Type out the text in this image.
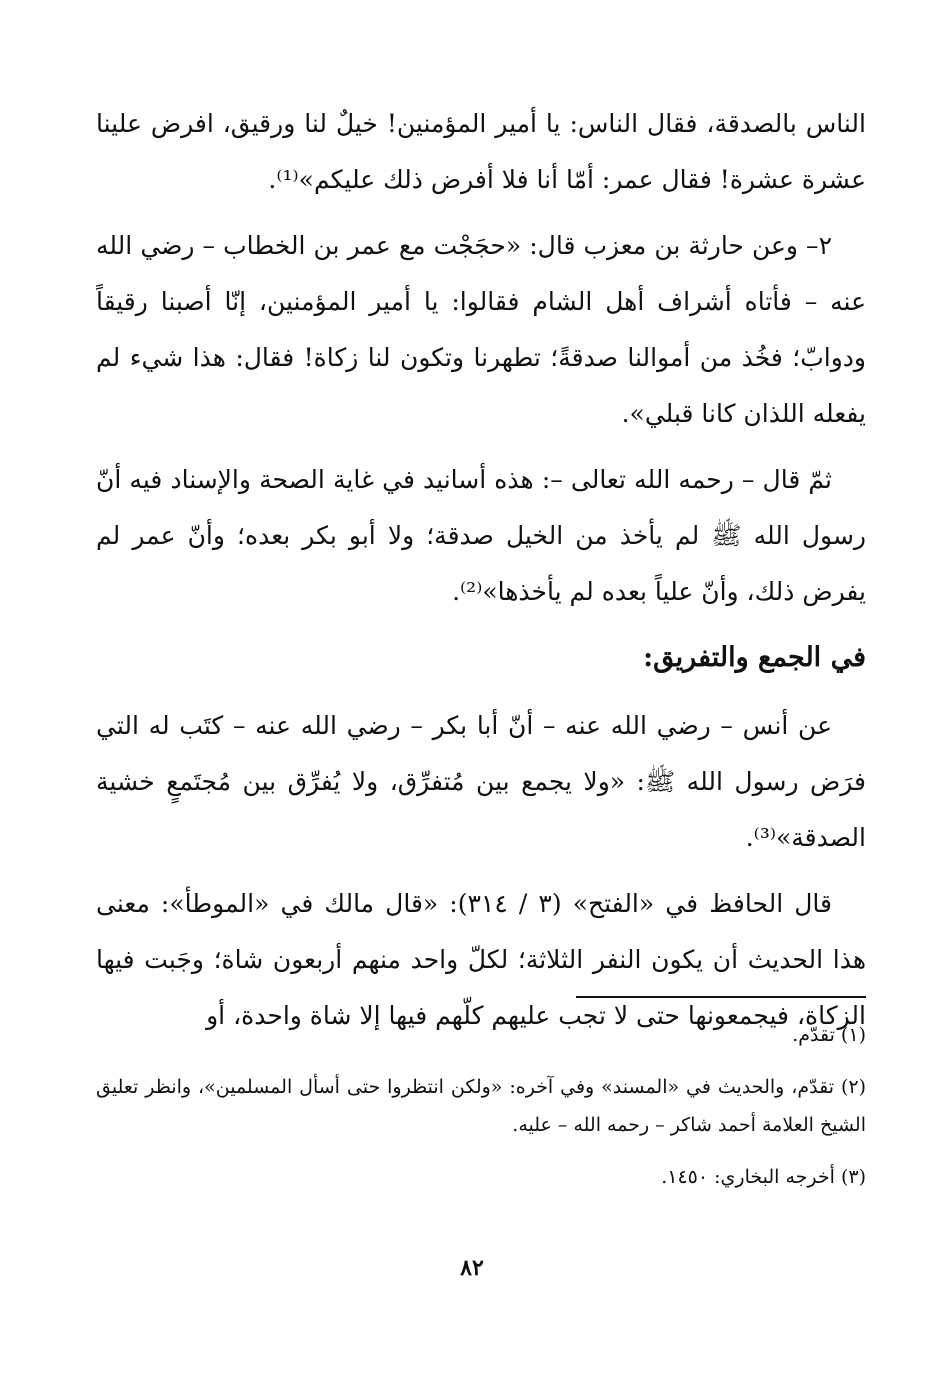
الناس بالصدقة، فقال الناس: يا أمير المؤمنين! خيلٌ لنا ورقيق، افرض علينا عشرة عشرة! فقال عمر: أمّا أنا فلا أفرض ذلك عليكم»⁽¹⁾.

٢– وعن حارثة بن معزب قال: «حجَجْت مع عمر بن الخطاب – رضي الله عنه – فأتاه أشراف أهل الشام فقالوا: يا أمير المؤمنين، إنّا أصبنا رقيقاً ودوابّ؛ فخُذ من أموالنا صدقةً؛ تطهرنا وتكون لنا زكاة! فقال: هذا شيء لم يفعله اللذان كانا قبلي».

ثمّ قال – رحمه الله تعالى –: هذه أسانيد في غاية الصحة والإسناد فيه أنّ رسول الله ﷺ لم يأخذ من الخيل صدقة؛ ولا أبو بكر بعده؛ وأنّ عمر لم يفرض ذلك، وأنّ علياً بعده لم يأخذها»⁽²⁾.

في الجمع والتفريق:

عن أنس – رضي الله عنه – أنّ أبا بكر – رضي الله عنه – كتَب له التي فرَض رسول الله ﷺ: «ولا يجمع بين مُتفرِّق، ولا يُفرِّق بين مُجتَمعٍ خشية الصدقة»⁽³⁾.

قال الحافظ في «الفتح» (٣ / ٣١٤): «قال مالك في «الموطأ»: معنى هذا الحديث أن يكون النفر الثلاثة؛ لكلّ واحد منهم أربعون شاة؛ وجَبت فيها الزكاة، فيجمعونها حتى لا تجب عليهم كلّهم فيها إلا شاة واحدة، أو

(١) تقدّم.

(٢) تقدّم، والحديث في «المسند» وفي آخره: «ولكن انتظروا حتى أسأل المسلمين»، وانظر تعليق الشيخ العلامة أحمد شاكر – رحمه الله – عليه.

(٣) أخرجه البخاري: ١٤٥٠.

٨٢
